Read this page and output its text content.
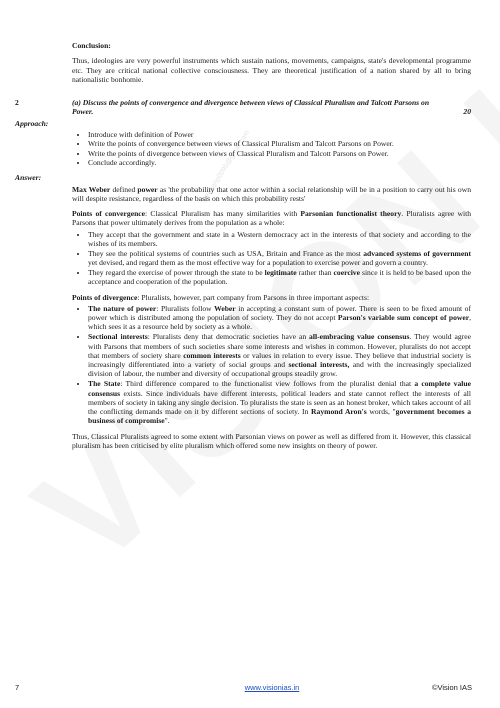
sreehahp0095@gmail.com
Conclusion:

Thus, ideologies are very powerful instruments which sustain nations, movements, campaigns, state's developmental programme etc. They are critical national collective consciousness. They are theoretical justification of a nation shared by all to bring nationalistic bonhomie.

2	(a) Discuss the points of convergence and divergence between views of Classical Pluralism and Talcott Parsons on Power.	20
Approach:
• Introduce with definition of Power
• Write the points of convergence between views of Classical Pluralism and Talcott Parsons on Power.
• Write the points of divergence between views of Classical Pluralism and Talcott Parsons on Power.
• Conclude accordingly.
Answer:

Max Weber defined power as 'the probability that one actor within a social relationship will be in a position to carry out his own will despite resistance, regardless of the basis on which this probability rests'

Points of convergence: Classical Pluralism has many similarities with Parsonian functionalist theory. Pluralists agree with Parsons that power ultimately derives from the population as a whole:

• They accept that the government and state in a Western democracy act in the interests of that society and according to the wishes of its members.
• They see the political systems of countries such as USA, Britain and France as the most advanced systems of government yet devised, and regard them as the most effective way for a population to exercise power and govern a country.
• They regard the exercise of power through the state to be legitimate rather than coercive since it is held to be based upon the acceptance and cooperation of the population.

Points of divergence: Pluralists, however, part company from Parsons in three important aspects:

• The nature of power: Pluralists follow Weber in accepting a constant sum of power. There is seen to be fixed amount of power which is distributed among the population of society. They do not accept Parson's variable sum concept of power, which sees it as a resource held by society as a whole.
• Sectional interests: Pluralists deny that democratic societies have an all-embracing value consensus. They would agree with Parsons that members of such societies share some interests and wishes in common. However, pluralists do not accept that members of society share common interests or values in relation to every issue. They believe that industrial society is increasingly differentiated into a variety of social groups and sectional interests, and with the increasingly specialized division of labour, the number and diversity of occupational groups steadily grow.
• The State: Third difference compared to the functionalist view follows from the pluralist denial that a complete value consensus exists. Since individuals have different interests, political leaders and state cannot reflect the interests of all members of society in taking any single decision. To pluralists the state is seen as an honest broker, which takes account of all the conflicting demands made on it by different sections of society. In Raymond Aron's words, "government becomes a business of compromise".

Thus, Classical Pluralists agreed to some extent with Parsonian views on power as well as differed from it. However, this classical pluralism has been criticised by elite pluralism which offered some new insights on theory of power.

7	www.visionias.in	©Vision IAS
